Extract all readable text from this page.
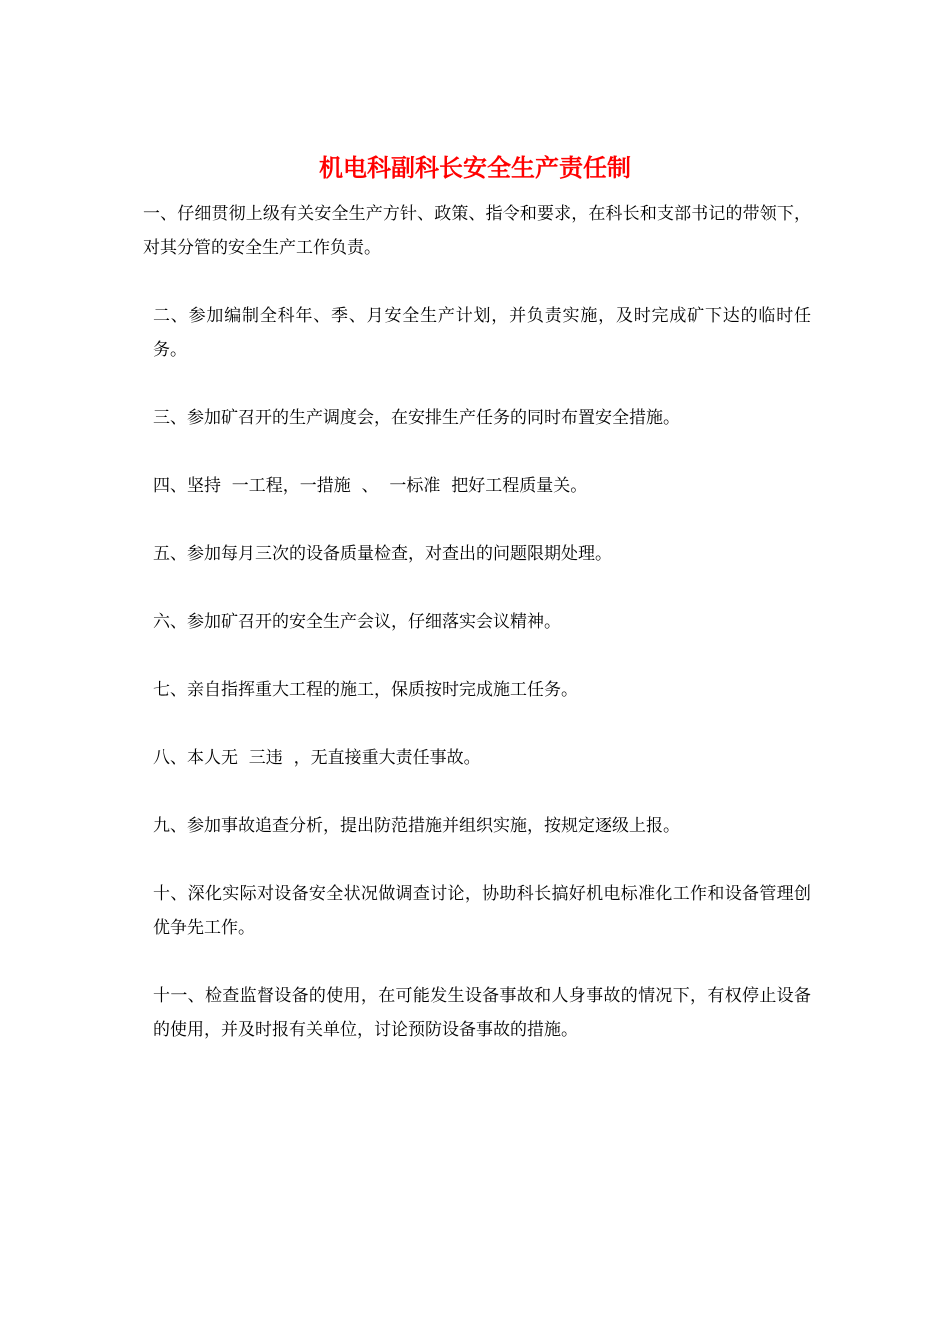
机电科副科长安全生产责任制

一、仔细贯彻上级有关安全生产方针、政策、指令和要求，在科长和支部书记的带领下，对其分管的安全生产工作负责。

二、参加编制全科年、季、月安全生产计划，并负责实施，及时完成矿下达的临时任务。

三、参加矿召开的生产调度会，在安排生产任务的同时布置安全措施。

四、坚持  一工程，一措施  、  一标准  把好工程质量关。

五、参加每月三次的设备质量检查，对查出的问题限期处理。

六、参加矿召开的安全生产会议，仔细落实会议精神。

七、亲自指挥重大工程的施工，保质按时完成施工任务。

八、本人无  三违  ，无直接重大责任事故。

九、参加事故追查分析，提出防范措施并组织实施，按规定逐级上报。

十、深化实际对设备安全状况做调查讨论，协助科长搞好机电标准化工作和设备管理创优争先工作。

十一、检查监督设备的使用，在可能发生设备事故和人身事故的情况下，有权停止设备的使用，并及时报有关单位，讨论预防设备事故的措施。
